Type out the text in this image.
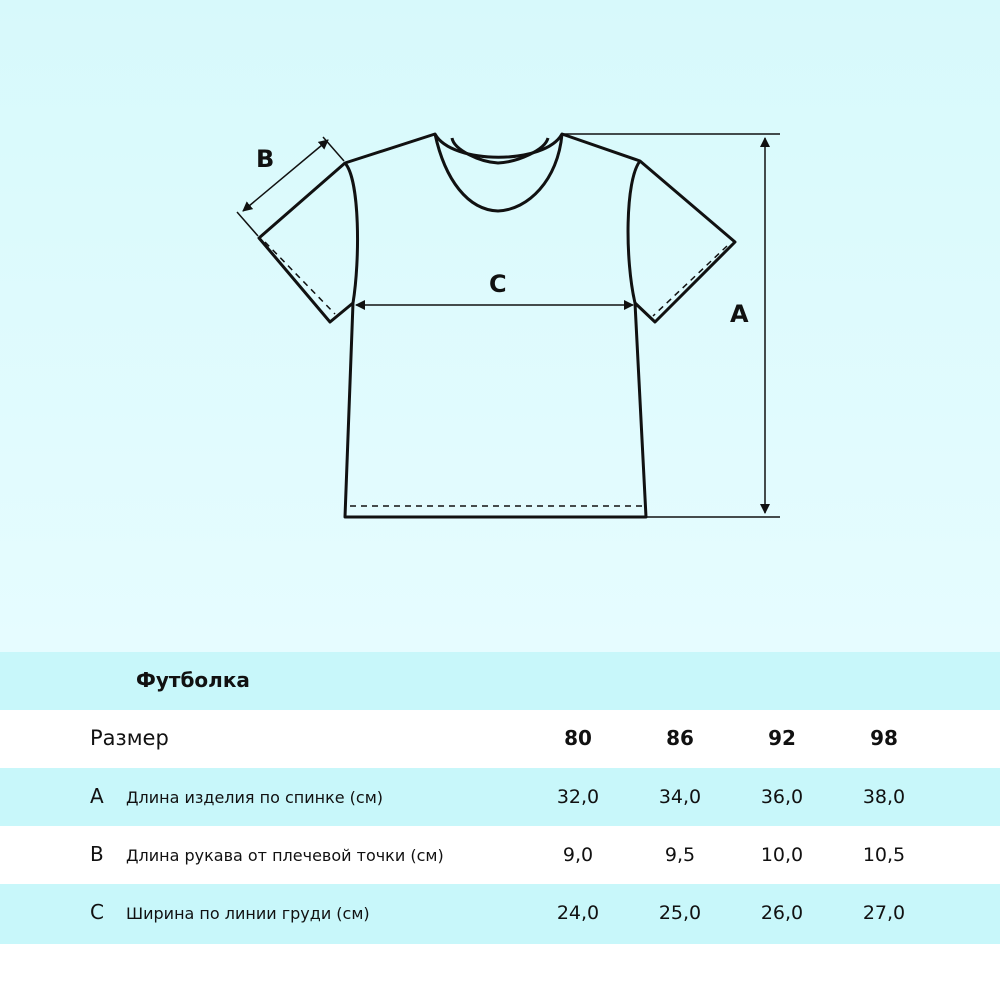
B
C
A
Футболка
Размер	80	86	92	98
A Длина изделия по спинке (см)	32,0	34,0	36,0	38,0
B Длина рукава от плечевой точки (см)	9,0	9,5	10,0	10,5
C Ширина по линии груди (см)	24,0	25,0	26,0	27,0
